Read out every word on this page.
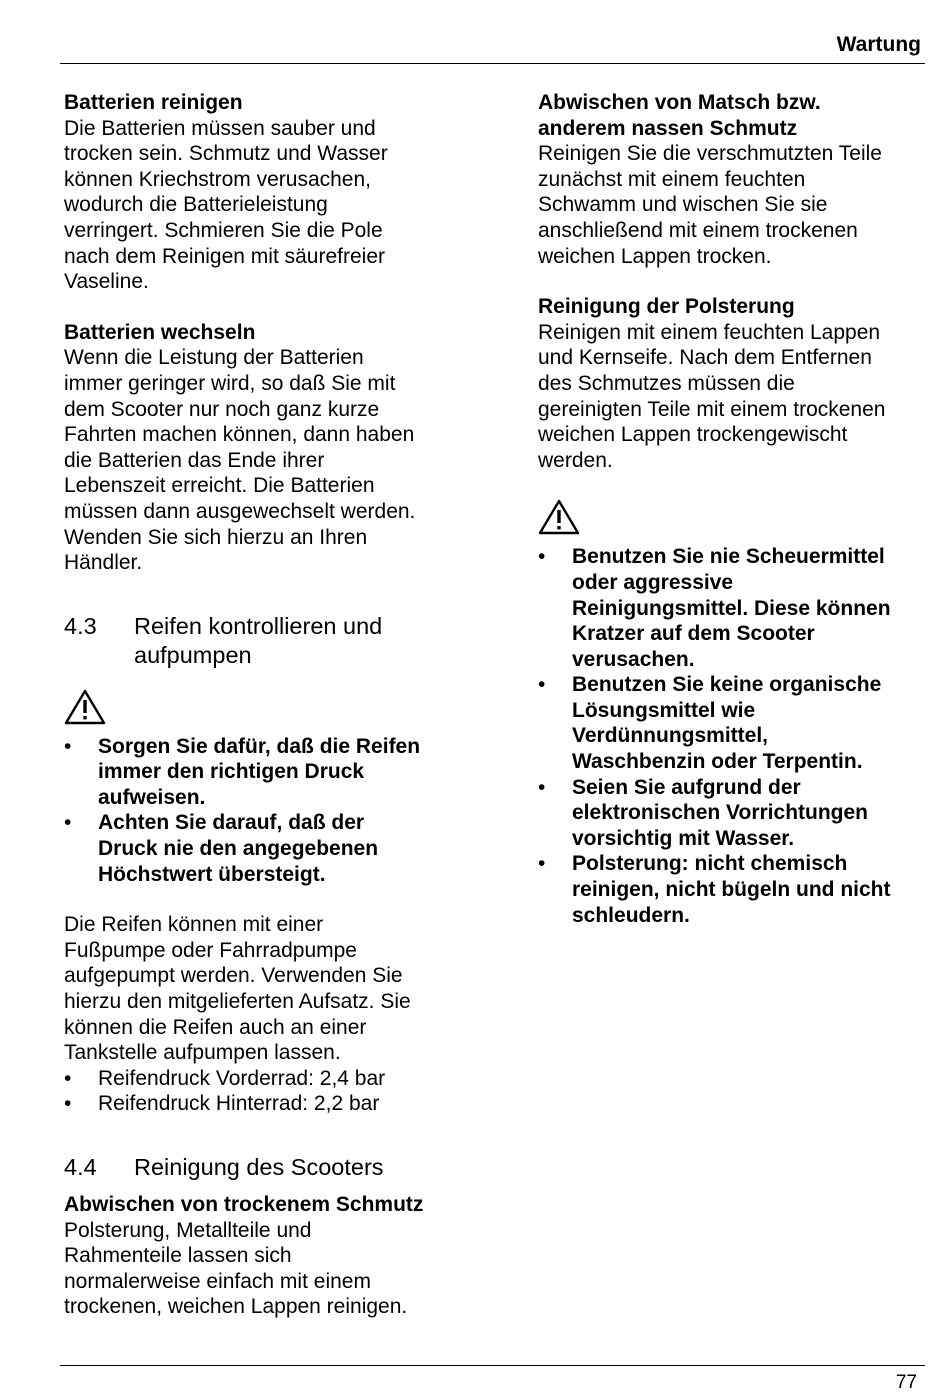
Wartung
Batterien reinigen
Die Batterien müssen sauber und
trocken sein. Schmutz und Wasser
können Kriechstrom verusachen,
wodurch die Batterieleistung
verringert. Schmieren Sie die Pole
nach dem Reinigen mit säurefreier
Vaseline.
Batterien wechseln
Wenn die Leistung der Batterien
immer geringer wird, so daß Sie mit
dem Scooter nur noch ganz kurze
Fahrten machen können, dann haben
die Batterien das Ende ihrer
Lebenszeit erreicht. Die Batterien
müssen dann ausgewechselt werden.
Wenden Sie sich hierzu an Ihren
Händler.
4.3	Reifen kontrollieren und
aufpumpen
• Sorgen Sie dafür, daß die Reifen
immer den richtigen Druck
aufweisen.
• Achten Sie darauf, daß der
Druck nie den angegebenen
Höchstwert übersteigt.
Die Reifen können mit einer
Fußpumpe oder Fahrradpumpe
aufgepumpt werden. Verwenden Sie
hierzu den mitgelieferten Aufsatz. Sie
können die Reifen auch an einer
Tankstelle aufpumpen lassen.
• Reifendruck Vorderrad: 2,4 bar
• Reifendruck Hinterrad: 2,2 bar
4.4	Reinigung des Scooters
Abwischen von trockenem Schmutz
Polsterung, Metallteile und
Rahmenteile lassen sich
normalerweise einfach mit einem
trockenen, weichen Lappen reinigen.
Abwischen von Matsch bzw.
anderem nassen Schmutz
Reinigen Sie die verschmutzten Teile
zunächst mit einem feuchten
Schwamm und wischen Sie sie
anschließend mit einem trockenen
weichen Lappen trocken.
Reinigung der Polsterung
Reinigen mit einem feuchten Lappen
und Kernseife. Nach dem Entfernen
des Schmutzes müssen die
gereinigten Teile mit einem trockenen
weichen Lappen trockengewischt
werden.
• Benutzen Sie nie Scheuermittel
oder aggressive
Reinigungsmittel. Diese können
Kratzer auf dem Scooter
verusachen.
• Benutzen Sie keine organische
Lösungsmittel wie
Verdünnungsmittel,
Waschbenzin oder Terpentin.
• Seien Sie aufgrund der
elektronischen Vorrichtungen
vorsichtig mit Wasser.
• Polsterung: nicht chemisch
reinigen, nicht bügeln und nicht
schleudern.
77
